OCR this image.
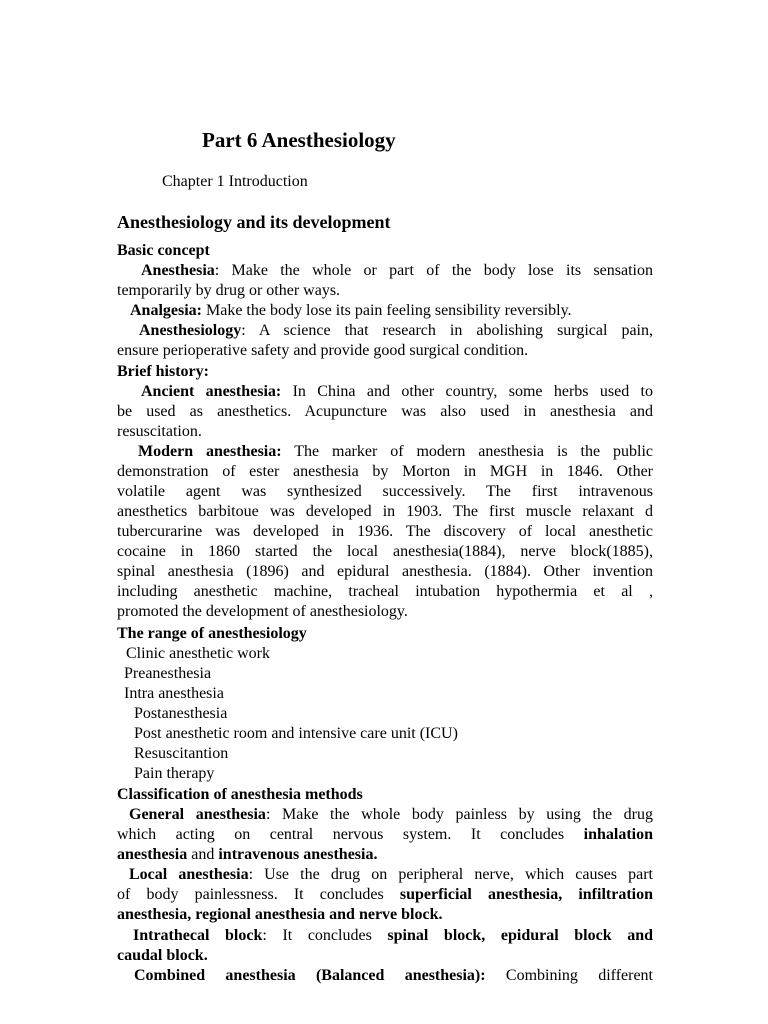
Part 6 Anesthesiology
Chapter 1 Introduction
Anesthesiology and its development
Basic concept
Anesthesia: Make the whole or part of the body lose its sensation
temporarily by drug or other ways.
Analgesia: Make the body lose its pain feeling sensibility reversibly.
Anesthesiology: A science that research in abolishing surgical pain,
ensure perioperative safety and provide good surgical condition.
Brief history:
Ancient anesthesia: In China and other country, some herbs used to
be used as anesthetics. Acupuncture was also used in anesthesia and
resuscitation.
Modern anesthesia: The marker of modern anesthesia is the public
demonstration of ester anesthesia by Morton in MGH in 1846. Other
volatile agent was synthesized successively. The first intravenous
anesthetics barbitoue was developed in 1903. The first muscle relaxant d
tubercurarine was developed in 1936. The discovery of local anesthetic
cocaine in 1860 started the local anesthesia(1884), nerve block(1885),
spinal anesthesia (1896) and epidural anesthesia. (1884). Other invention
including anesthetic machine, tracheal intubation hypothermia et al ,
promoted the development of anesthesiology.
The range of anesthesiology
Clinic anesthetic work
Preanesthesia
Intra anesthesia
Postanesthesia
Post anesthetic room and intensive care unit (ICU)
Resuscitantion
Pain therapy
Classification of anesthesia methods
General anesthesia: Make the whole body painless by using the drug
which acting on central nervous system. It concludes inhalation
anesthesia and intravenous anesthesia.
Local anesthesia: Use the drug on peripheral nerve, which causes part
of body painlessness. It concludes superficial anesthesia, infiltration
anesthesia, regional anesthesia and nerve block.
Intrathecal block: It concludes spinal block, epidural block and
caudal block.
Combined anesthesia (Balanced anesthesia): Combining different
